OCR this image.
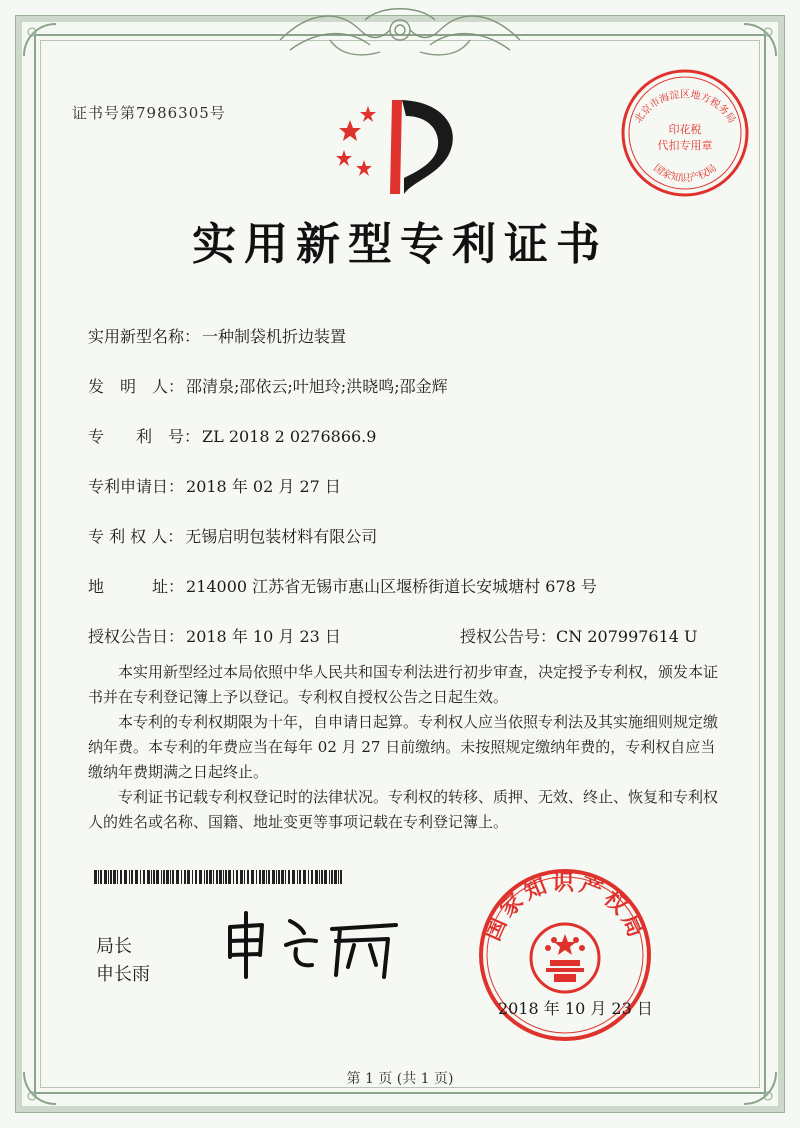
证书号第7986305号	北京市海淀区地方税务局
印花税
代扣专用章
国家知识产权局
实用新型专利证书
实用新型名称： 一种制袋机折边装置
发　明　人： 邵清泉;邵依云;叶旭玲;洪晓鸣;邵金辉
专　　利　号： ZL 2018 2 0276866.9
专利申请日： 2018 年 02 月 27 日
专 利 权 人： 无锡启明包装材料有限公司
地　　　址： 214000 江苏省无锡市惠山区堰桥街道长安城塘村 678 号
授权公告日： 2018 年 10 月 23 日	授权公告号：CN 207997614 U

本实用新型经过本局依照中华人民共和国专利法进行初步审查，决定授予专利权，颁发本证书并在专利登记簿上予以登记。专利权自授权公告之日起生效。

本专利的专利权期限为十年，自申请日起算。专利权人应当依照专利法及其实施细则规定缴纳年费。本专利的年费应当在每年 02 月 27 日前缴纳。未按照规定缴纳年费的，专利权自应当缴纳年费期满之日起终止。

专利证书记载专利权登记时的法律状况。专利权的转移、质押、无效、终止、恢复和专利权人的姓名或名称、国籍、地址变更等事项记载在专利登记簿上。

局长
申长雨
国家知识产权局
2018 年 10 月 23 日
第 1 页 (共 1 页)
